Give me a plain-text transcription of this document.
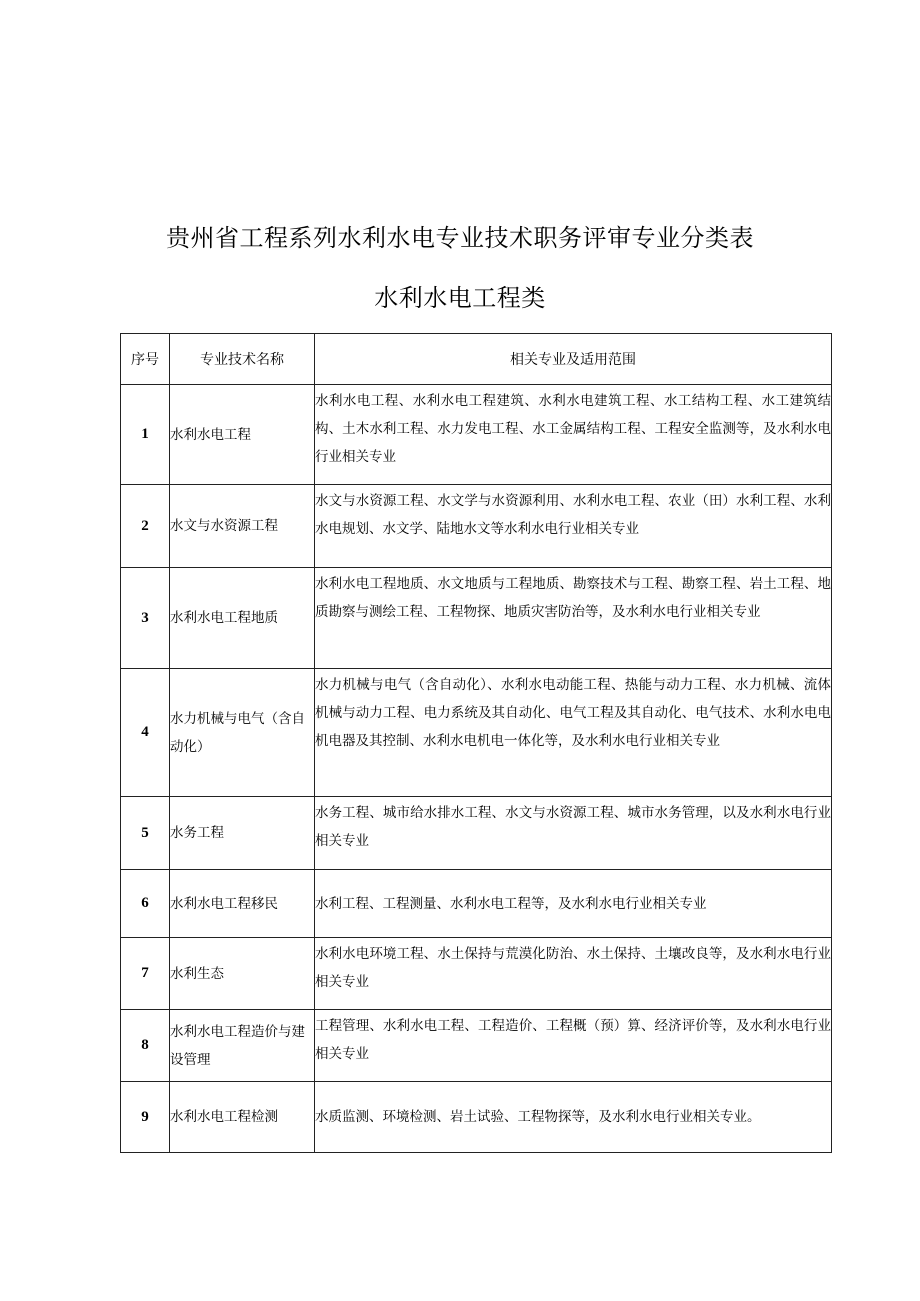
贵州省工程系列水利水电专业技术职务评审专业分类表
水利水电工程类
序号	专业技术名称	相关专业及适用范围
1	水利水电工程	水利水电工程、水利水电工程建筑、水利水电建筑工程、水工结构工程、水工建筑结构、土木水利工程、水力发电工程、水工金属结构工程、工程安全监测等，及水利水电行业相关专业

2	水文与水资源工程	水文与水资源工程、水文学与水资源利用、水利水电工程、农业（田）水利工程、水利水电规划、水文学、陆地水文等水利水电行业相关专业

3	水利水电工程地质	水利水电工程地质、水文地质与工程地质、勘察技术与工程、勘察工程、岩土工程、地质勘察与测绘工程、工程物探、地质灾害防治等，及水利水电行业相关专业

4	水力机械与电气（含自动化）	水力机械与电气（含自动化）、水利水电动能工程、热能与动力工程、水力机械、流体机械与动力工程、电力系统及其自动化、电气工程及其自动化、电气技术、水利水电电机电器及其控制、水利水电机电一体化等，及水利水电行业相关专业

5	水务工程	水务工程、城市给水排水工程、水文与水资源工程、城市水务管理，以及水利水电行业相关专业

6	水利水电工程移民	水利工程、工程测量、水利水电工程等，及水利水电行业相关专业

7	水利生态	水利水电环境工程、水土保持与荒漠化防治、水土保持、土壤改良等，及水利水电行业相关专业

8	水利水电工程造价与建设管理	工程管理、水利水电工程、工程造价、工程概（预）算、经济评价等，及水利水电行业相关专业

9	水利水电工程检测	水质监测、环境检测、岩土试验、工程物探等，及水利水电行业相关专业。
